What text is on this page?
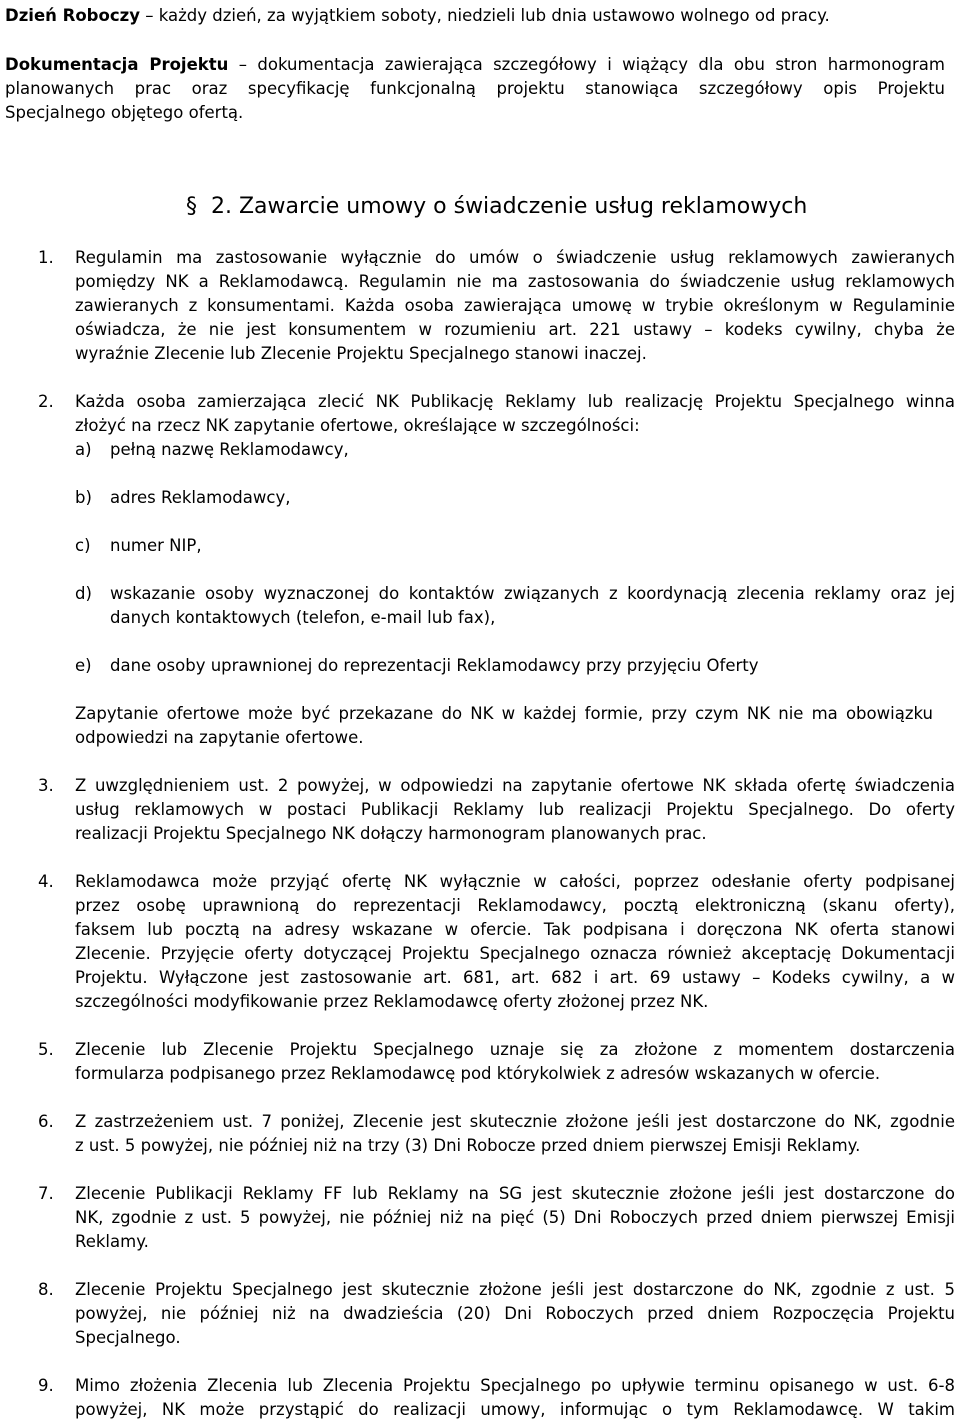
Dzień Roboczy – każdy dzień, za wyjątkiem soboty, niedzieli lub dnia ustawowo wolnego od pracy.
Dokumentacja Projektu – dokumentacja zawierająca szczegółowy i wiążący dla obu stron harmonogram
planowanych prac oraz specyfikację funkcjonalną projektu stanowiąca szczegółowy opis Projektu
Specjalnego objętego ofertą.
§ 2. Zawarcie umowy o świadczenie usług reklamowych
1. Regulamin ma zastosowanie wyłącznie do umów o świadczenie usług reklamowych zawieranych
pomiędzy NK a Reklamodawcą. Regulamin nie ma zastosowania do świadczenie usług reklamowych
zawieranych z konsumentami. Każda osoba zawierająca umowę w trybie określonym w Regulaminie
oświadcza, że nie jest konsumentem w rozumieniu art. 221 ustawy – kodeks cywilny, chyba że
wyraźnie Zlecenie lub Zlecenie Projektu Specjalnego stanowi inaczej.
2. Każda osoba zamierzająca zlecić NK Publikację Reklamy lub realizację Projektu Specjalnego winna
złożyć na rzecz NK zapytanie ofertowe, określające w szczególności:
a) pełną nazwę Reklamodawcy,
b) adres Reklamodawcy,
c) numer NIP,
d) wskazanie osoby wyznaczonej do kontaktów związanych z koordynacją zlecenia reklamy oraz jej
danych kontaktowych (telefon, e-mail lub fax),
e) dane osoby uprawnionej do reprezentacji Reklamodawcy przy przyjęciu Oferty
Zapytanie ofertowe może być przekazane do NK w każdej formie, przy czym NK nie ma obowiązku
odpowiedzi na zapytanie ofertowe.
3. Z uwzględnieniem ust. 2 powyżej, w odpowiedzi na zapytanie ofertowe NK składa ofertę świadczenia
usług reklamowych w postaci Publikacji Reklamy lub realizacji Projektu Specjalnego. Do oferty
realizacji Projektu Specjalnego NK dołączy harmonogram planowanych prac.
4. Reklamodawca może przyjąć ofertę NK wyłącznie w całości, poprzez odesłanie oferty podpisanej
przez osobę uprawnioną do reprezentacji Reklamodawcy, pocztą elektroniczną (skanu oferty),
faksem lub pocztą na adresy wskazane w ofercie. Tak podpisana i doręczona NK oferta stanowi
Zlecenie. Przyjęcie oferty dotyczącej Projektu Specjalnego oznacza również akceptację Dokumentacji
Projektu. Wyłączone jest zastosowanie art. 681, art. 682 i art. 69 ustawy – Kodeks cywilny, a w
szczególności modyfikowanie przez Reklamodawcę oferty złożonej przez NK.
5. Zlecenie lub Zlecenie Projektu Specjalnego uznaje się za złożone z momentem dostarczenia
formularza podpisanego przez Reklamodawcę pod którykolwiek z adresów wskazanych w ofercie.
6. Z zastrzeżeniem ust. 7 poniżej, Zlecenie jest skutecznie złożone jeśli jest dostarczone do NK, zgodnie
z ust. 5 powyżej, nie później niż na trzy (3) Dni Robocze przed dniem pierwszej Emisji Reklamy.
7. Zlecenie Publikacji Reklamy FF lub Reklamy na SG jest skutecznie złożone jeśli jest dostarczone do
NK, zgodnie z ust. 5 powyżej, nie później niż na pięć (5) Dni Roboczych przed dniem pierwszej Emisji
Reklamy.
8. Zlecenie Projektu Specjalnego jest skutecznie złożone jeśli jest dostarczone do NK, zgodnie z ust. 5
powyżej, nie później niż na dwadzieścia (20) Dni Roboczych przed dniem Rozpoczęcia Projektu
Specjalnego.
9. Mimo złożenia Zlecenia lub Zlecenia Projektu Specjalnego po upływie terminu opisanego w ust. 6-8
powyżej, NK może przystąpić do realizacji umowy, informując o tym Reklamodawcę. W takim
